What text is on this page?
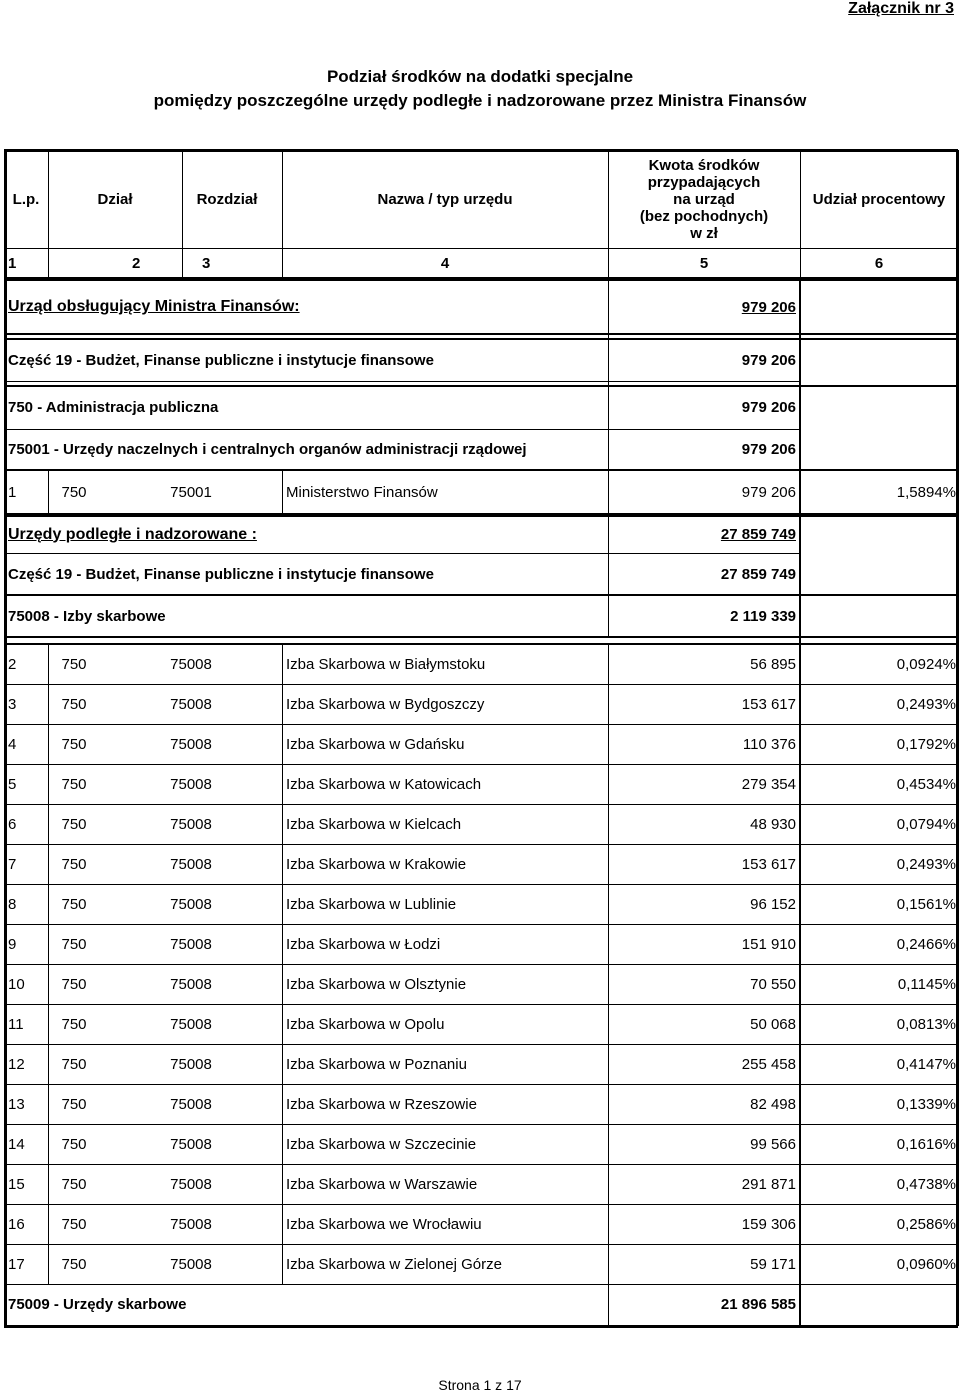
Załącznik nr 3
Podział środków na dodatki specjalne
pomiędzy poszczególne urzędy podległe i nadzorowane przez Ministra Finansów
L.p.	Dział	Rozdział	Nazwa / typ urzędu
Kwota środków
przypadających
na urząd
(bez pochodnych)
w zł
Udział procentowy
1	2	3	4	5	6
Urząd obsługujący Ministra Finansów:	979 206
Część 19 - Budżet, Finanse publiczne i instytucje finansowe	979 206
750 - Administracja publiczna	979 206
75001 - Urzędy naczelnych i centralnych organów administracji rządowej	979 206
1	750	75001	Ministerstwo Finansów	979 206	1,5894%
Urzędy podległe i nadzorowane :	27 859 749
Część 19 - Budżet, Finanse publiczne i instytucje finansowe	27 859 749
75008 - Izby skarbowe	2 119 339
2	750	75008	Izba Skarbowa w Białymstoku	56 895	0,0924%
3	750	75008	Izba Skarbowa w Bydgoszczy	153 617	0,2493%
4	750	75008	Izba Skarbowa w Gdańsku	110 376	0,1792%
5	750	75008	Izba Skarbowa w Katowicach	279 354	0,4534%
6	750	75008	Izba Skarbowa w Kielcach	48 930	0,0794%
7	750	75008	Izba Skarbowa w Krakowie	153 617	0,2493%
8	750	75008	Izba Skarbowa w Lublinie	96 152	0,1561%
9	750	75008	Izba Skarbowa w Łodzi	151 910	0,2466%
10	750	75008	Izba Skarbowa w Olsztynie	70 550	0,1145%
11	750	75008	Izba Skarbowa w Opolu	50 068	0,0813%
12	750	75008	Izba Skarbowa w Poznaniu	255 458	0,4147%
13	750	75008	Izba Skarbowa w Rzeszowie	82 498	0,1339%
14	750	75008	Izba Skarbowa w Szczecinie	99 566	0,1616%
15	750	75008	Izba Skarbowa w Warszawie	291 871	0,4738%
16	750	75008	Izba Skarbowa we Wrocławiu	159 306	0,2586%
17	750	75008	Izba Skarbowa w Zielonej Górze	59 171	0,0960%
75009 - Urzędy skarbowe	21 896 585
Strona 1 z 17
